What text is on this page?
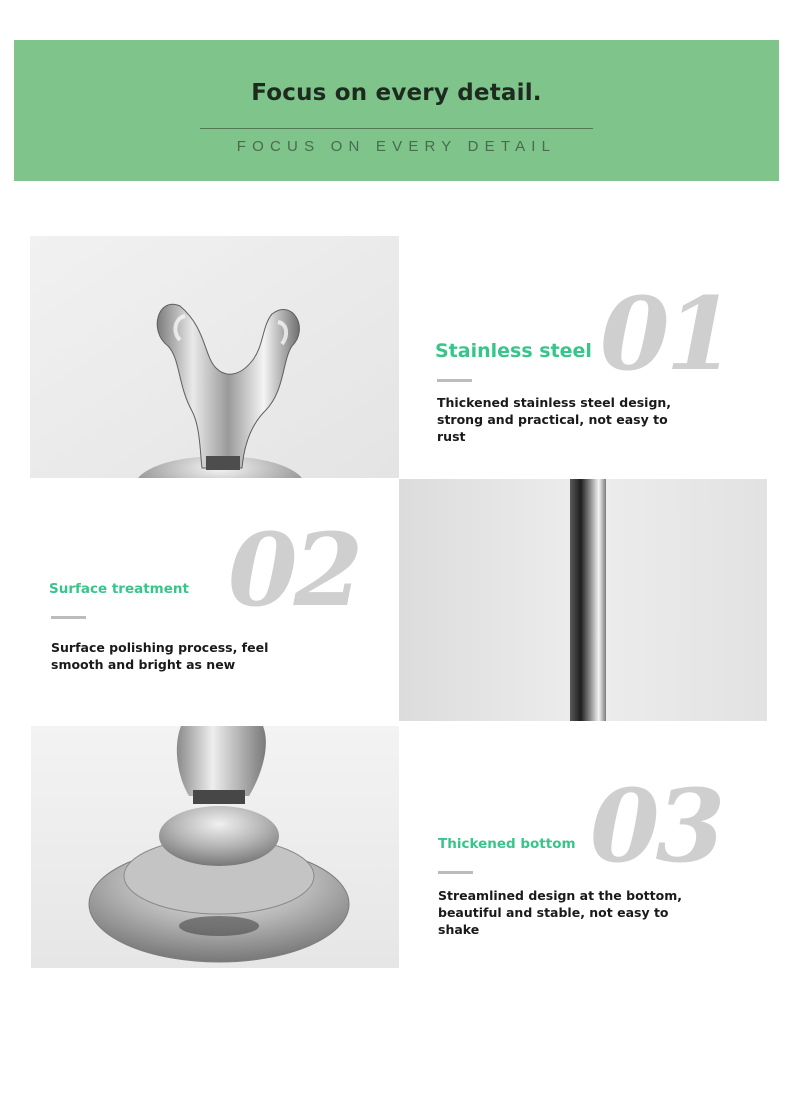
Focus on every detail.
FOCUS ON EVERY DETAIL
01
Stainless steel
Thickened stainless steel design, strong and practical, not easy to rust
02
Surface treatment
Surface polishing process, feel smooth and bright as new
03
Thickened bottom
Streamlined design at the bottom, beautiful and stable, not easy to shake
